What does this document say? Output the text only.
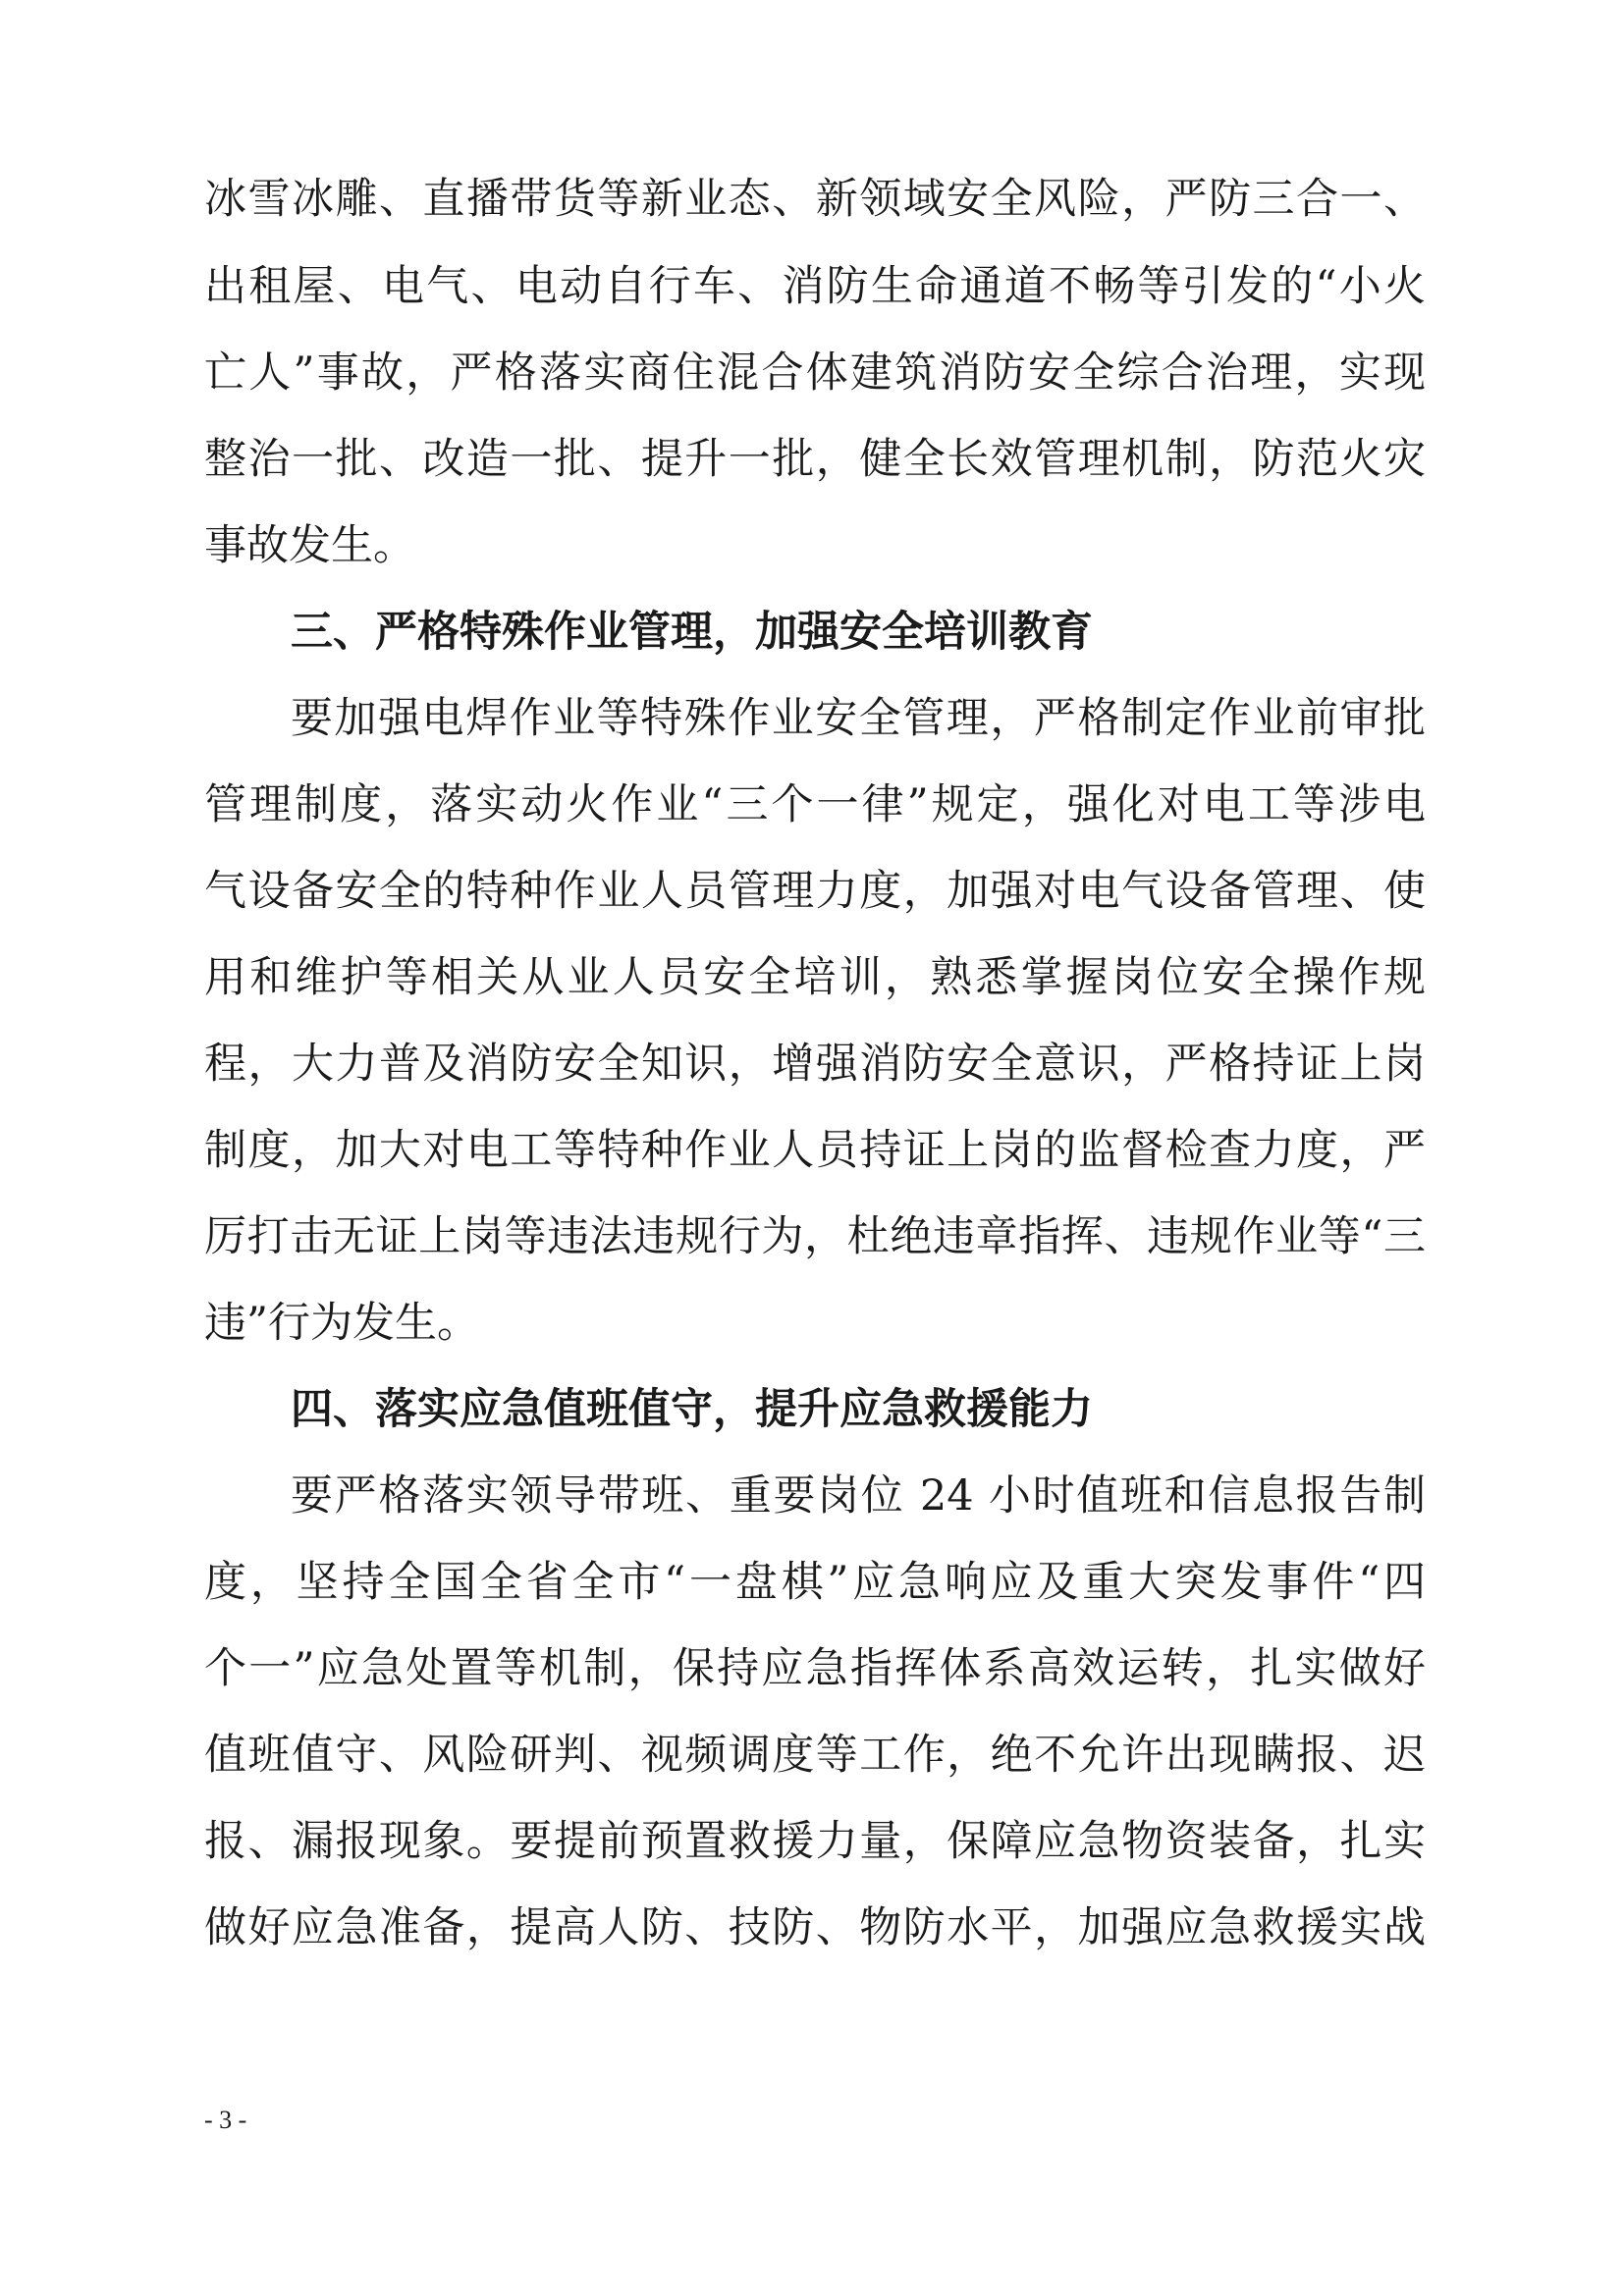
冰雪冰雕、直播带货等新业态、新领域安全风险，严防三合一、
出租屋、电气、电动自行车、消防生命通道不畅等引发的“小火
亡人”事故，严格落实商住混合体建筑消防安全综合治理，实现
整治一批、改造一批、提升一批，健全长效管理机制，防范火灾
事故发生。
三、严格特殊作业管理，加强安全培训教育
要加强电焊作业等特殊作业安全管理，严格制定作业前审批
管理制度，落实动火作业“三个一律”规定，强化对电工等涉电
气设备安全的特种作业人员管理力度，加强对电气设备管理、使
用和维护等相关从业人员安全培训，熟悉掌握岗位安全操作规
程，大力普及消防安全知识，增强消防安全意识，严格持证上岗
制度，加大对电工等特种作业人员持证上岗的监督检查力度，严
厉打击无证上岗等违法违规行为，杜绝违章指挥、违规作业等“三
违”行为发生。
四、落实应急值班值守，提升应急救援能力
要严格落实领导带班、重要岗位 24 小时值班和信息报告制
度，坚持全国全省全市“一盘棋”应急响应及重大突发事件“四
个一”应急处置等机制，保持应急指挥体系高效运转，扎实做好
值班值守、风险研判、视频调度等工作，绝不允许出现瞒报、迟
报、漏报现象。要提前预置救援力量，保障应急物资装备，扎实
做好应急准备，提高人防、技防、物防水平，加强应急救援实战
- 3 -
